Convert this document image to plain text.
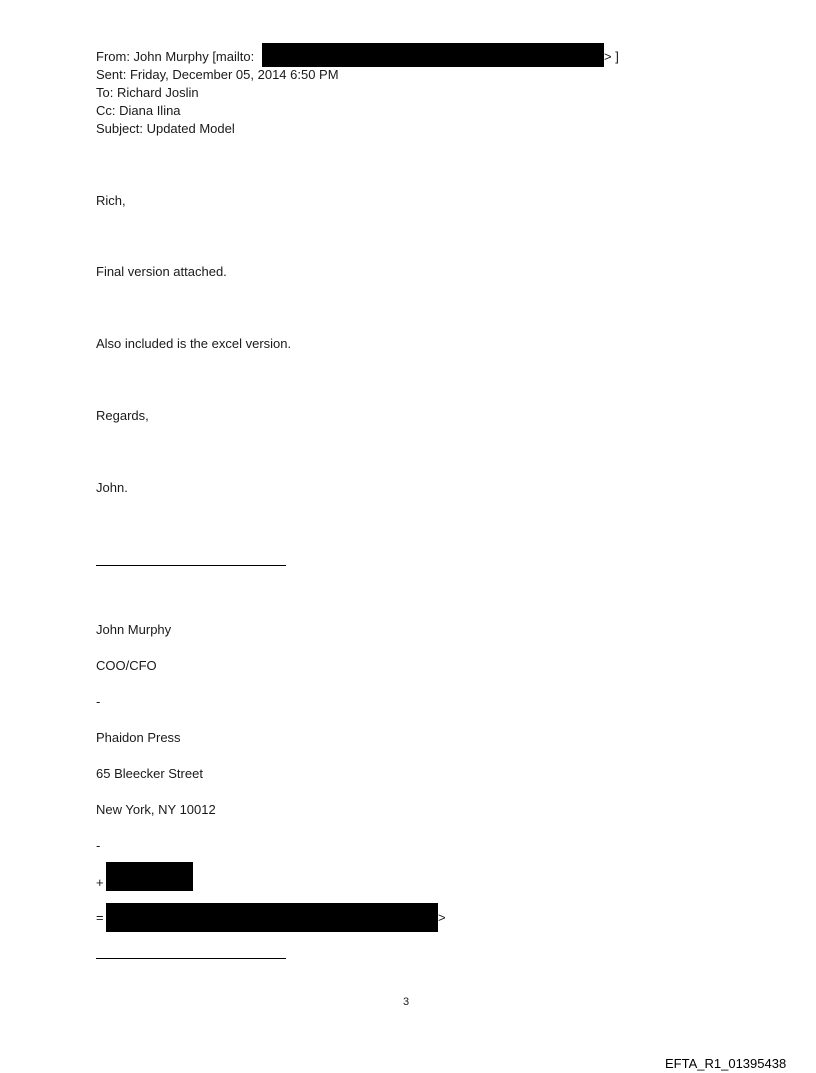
From: John Murphy [mailto:	> ]
Sent: Friday, December 05, 2014 6:50 PM
To: Richard Joslin
Cc: Diana Ilina
Subject: Updated Model
Rich,
Final version attached.
Also included is the excel version.
Regards,
John.
John Murphy
COO/CFO
-
Phaidon Press
65 Bleecker Street
New York, NY 10012
-
+
=	>
3
EFTA_R1_01395438
